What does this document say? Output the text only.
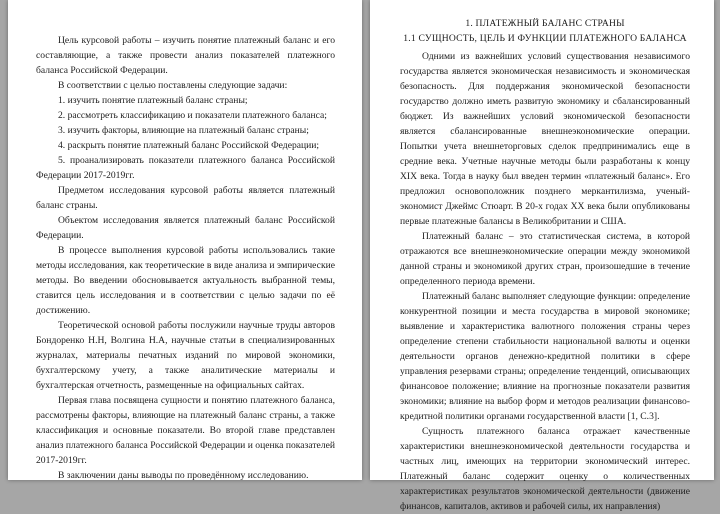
Цель курсовой работы – изучить понятие платежный баланс и его составляющие, а также провести анализ показателей платежного баланса Российской Федерации.

В соответствии с целью поставлены следующие задачи:

1. изучить понятие платежный баланс страны;

2. рассмотреть классификацию и показатели платежного баланса;

3. изучить факторы, влияющие на платежный баланс страны;

4. раскрыть понятие платежный баланс Российской Федерации;

5. проанализировать показатели платежного баланса Российской Федерации 2017-2019гг.

Предметом исследования курсовой работы является платежный баланс страны.

Объектом исследования является платежный баланс Российской Федерации.

В процессе выполнения курсовой работы использовались такие методы исследования, как теоретические в виде анализа и эмпирические методы. Во введении обосновывается актуальность выбранной темы, ставится цель исследования и в соответствии с целью задачи по её достижению.

Теоретической основой работы послужили научные труды авторов Бондоренко Н.Н, Волгина Н.А, научные статьи в специализированных журналах, материалы печатных изданий по мировой экономики, бухгалтерскому учету, а также аналитические материалы и бухгалтерская отчетность, размещенные на официальных сайтах.

Первая глава посвящена сущности и понятию платежного баланса, рассмотрены факторы, влияющие на платежный баланс страны, а также классификация и основные показатели. Во второй главе представлен анализ платежного баланса Российской Федерации и оценка показателей 2017-2019гг.

В заключении даны выводы по проведённому исследованию.

1. ПЛАТЕЖНЫЙ БАЛАНС СТРАНЫ
1.1 СУЩНОСТЬ, ЦЕЛЬ И ФУНКЦИИ ПЛАТЕЖНОГО БАЛАНСА

Одними из важнейших условий существования независимого государства является экономическая независимость и экономическая безопасность. Для поддержания экономической безопасности государство должно иметь развитую экономику и сбалансированный бюджет. Из важнейших условий экономической безопасности является сбалансированные внешнеэкономические операции. Попытки учета внешнеторговых сделок предпринимались еще в средние века. Учетные научные методы были разработаны к концу XIX века. Тогда в науку был введен термин «платежный баланс». Его предложил основоположник позднего меркантилизма, ученый-экономист Джеймс Стюарт. В 20-х годах XX века были опубликованы первые платежные балансы в Великобритании и США.

Платежный баланс – это статистическая система, в которой отражаются все внешнеэкономические операции между экономикой данной страны и экономикой других стран, произошедшие в течение определенного периода времени.

Платежный баланс выполняет следующие функции: определение конкурентной позиции и места государства в мировой экономике; выявление и характеристика валютного положения страны через определение степени стабильности национальной валюты и оценки деятельности органов денежно-кредитной политики в сфере управления резервами страны; определение тенденций, описывающих финансовое положение; влияние на прогнозные показатели развития экономики; влияние на выбор форм и методов реализации финансово-кредитной политики органами государственной власти [1, С.3].

Сущность платежного баланса отражает качественные характеристики внешнеэкономической деятельности государства и частных лиц, имеющих на территории экономический интерес. Платежный баланс содержит оценку о количественных характеристиках результатов экономической деятельности (движение финансов, капиталов, активов и рабочей силы, их направления)
